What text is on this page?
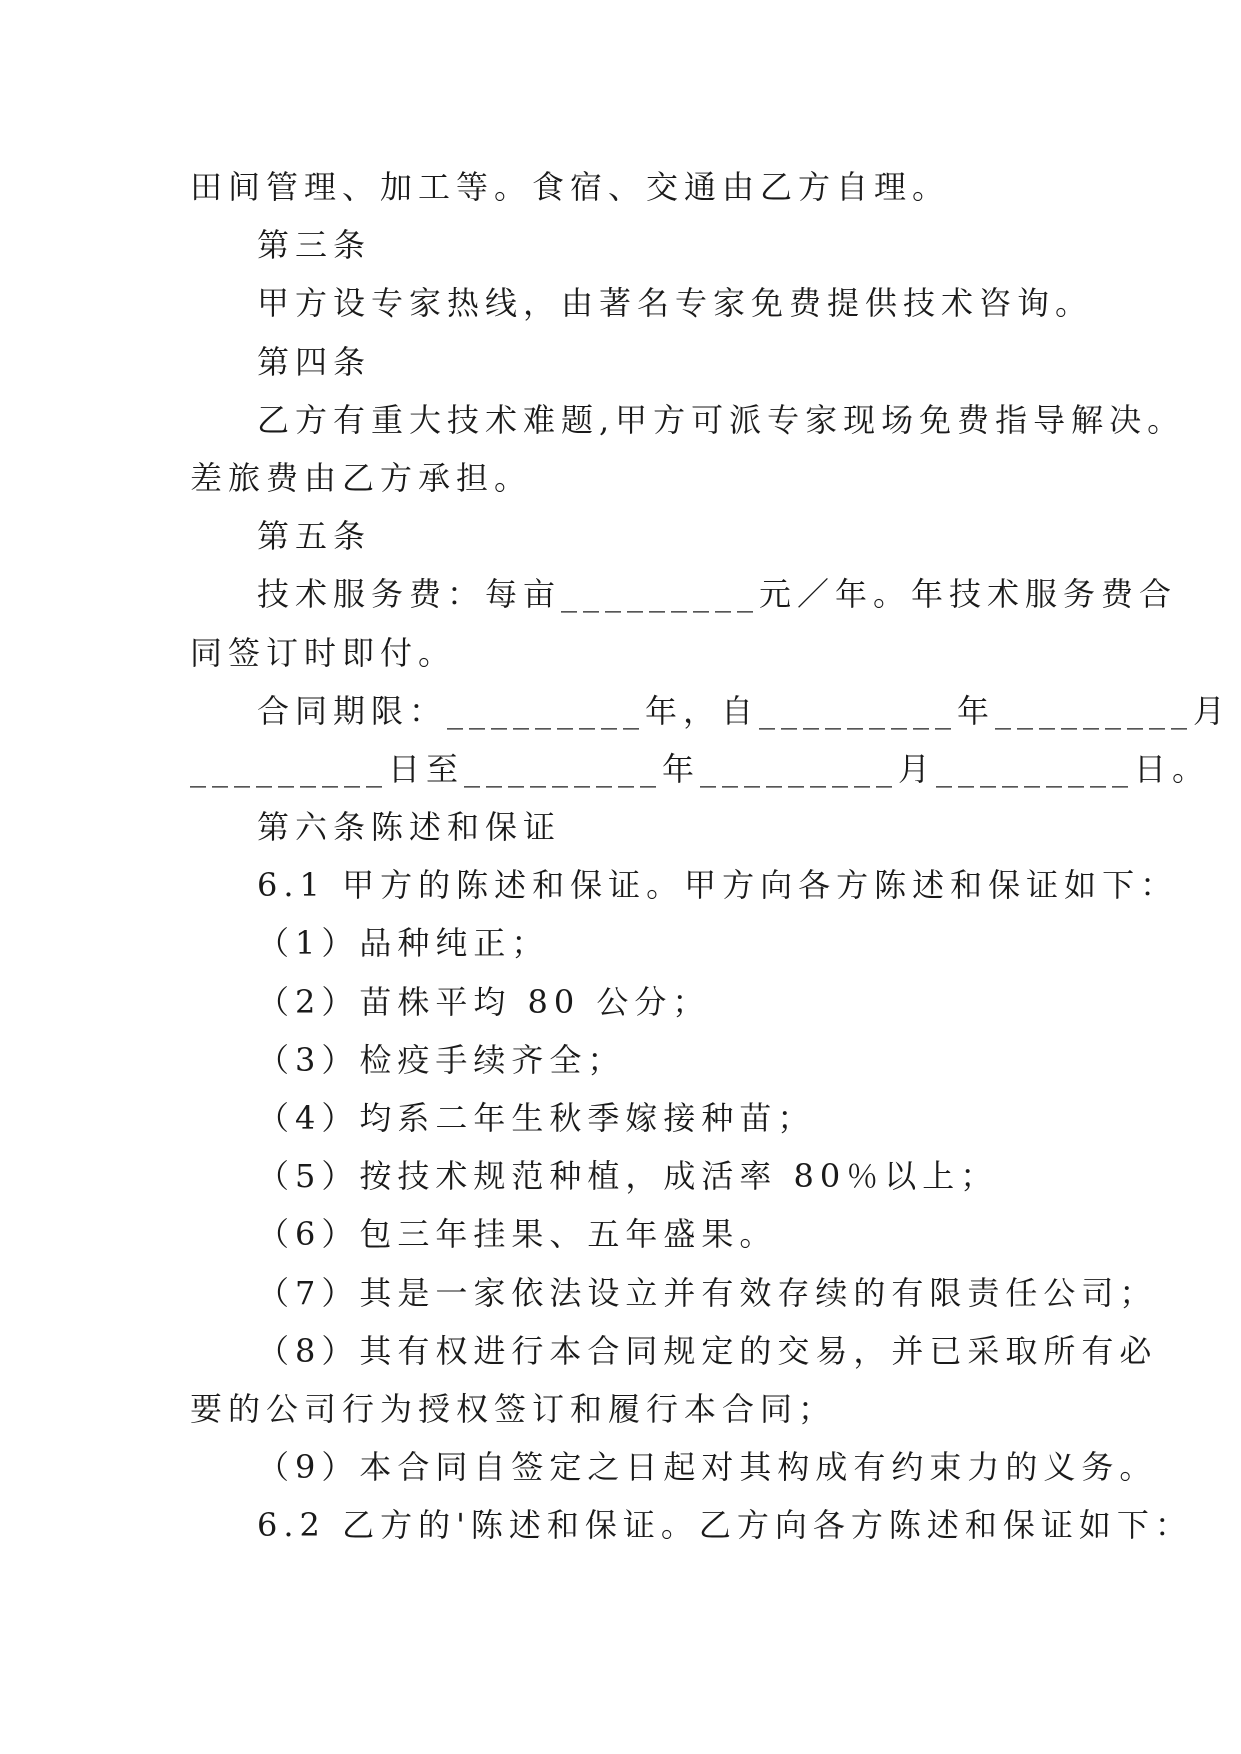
田间管理、加工等。食宿、交通由乙方自理。

第三条

甲方设专家热线，由著名专家免费提供技术咨询。

第四条

乙方有重大技术难题,甲方可派专家现场免费指导解决。

差旅费由乙方承担。

第五条

技术服务费：每亩_________元／年。年技术服务费合

同签订时即付。

合同期限：_________年，自_________年_________月

_________日至_________年_________月_________日。

第六条陈述和保证

6.1 甲方的陈述和保证。甲方向各方陈述和保证如下：

（1）品种纯正；

（2）苗株平均 80 公分；

（3）检疫手续齐全；

（4）均系二年生秋季嫁接种苗；

（5）按技术规范种植，成活率 80％以上；

（6）包三年挂果、五年盛果。

（7）其是一家依法设立并有效存续的有限责任公司；

（8）其有权进行本合同规定的交易，并已采取所有必

要的公司行为授权签订和履行本合同；

（9）本合同自签定之日起对其构成有约束力的义务。

6.2 乙方的'陈述和保证。乙方向各方陈述和保证如下：
